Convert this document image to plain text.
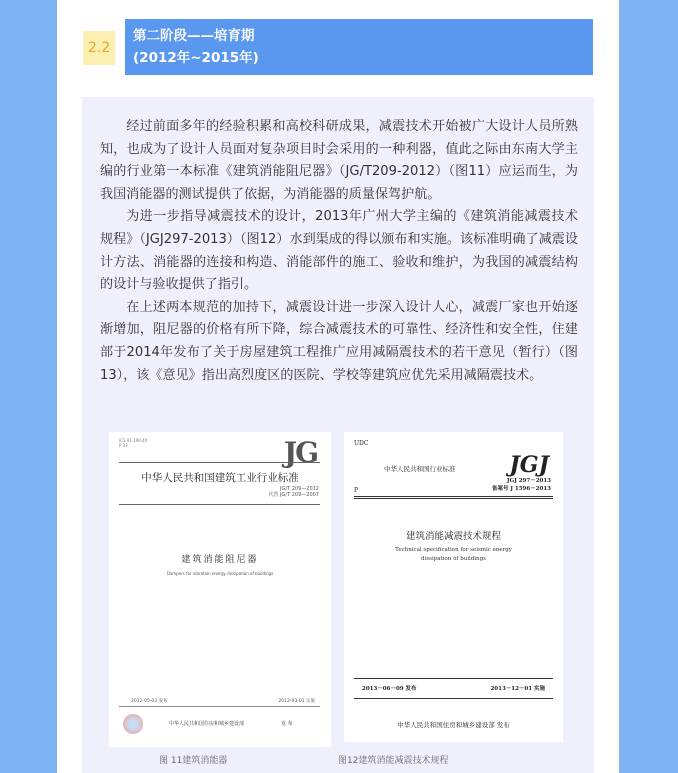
2.2
第二阶段——培育期
(2012年~2015年)

经过前面多年的经验积累和高校科研成果，减震技术开始被广大设计人员所熟知，也成为了设计人员面对复杂项目时会采用的一种利器，值此之际由东南大学主编的行业第一本标准《建筑消能阻尼器》（JG/T209-2012）（图11）应运而生，为我国消能器的测试提供了依据，为消能器的质量保驾护航。

为进一步指导减震技术的设计，2013年广州大学主编的《建筑消能减震技术规程》（JGJ297-2013）（图12）水到渠成的得以颁布和实施。该标准明确了减震设计方法、消能器的连接和构造、消能部件的施工、验收和维护，为我国的减震结构的设计与验收提供了指引。

在上述两本规范的加持下，减震设计进一步深入设计人心，减震厂家也开始逐渐增加，阻尼器的价格有所下降，综合减震技术的可靠性、经济性和安全性，住建部于2014年发布了关于房屋建筑工程推广应用减隔震技术的若干意见（暂行）（图13），该《意见》指出高烈度区的医院、学校等建筑应优先采用减隔震技术。

ICS 91.190.40
P 33	JG
中华人民共和国建筑工业行业标准
JG/T 209—2012
代替 JG/T 209—2007
建筑消能阻尼器
Dampers for vibration energy dissipation of buildings
2012-05-03 发布	2012-03-01 实施
中华人民共和国住房和城乡建设部	发 布
UDC
中华人民共和国行业标准 JGJ
P
JGJ 297－2013
备案号 J 1596－2013
建筑消能减震技术规程
Technical specification for seismic energy
dissipation of buildings
2013－06－09 发布	2013－12－01 实施
中华人民共和国住房和城乡建设部 发布
图 11建筑消能器	图12建筑消能减震技术规程
